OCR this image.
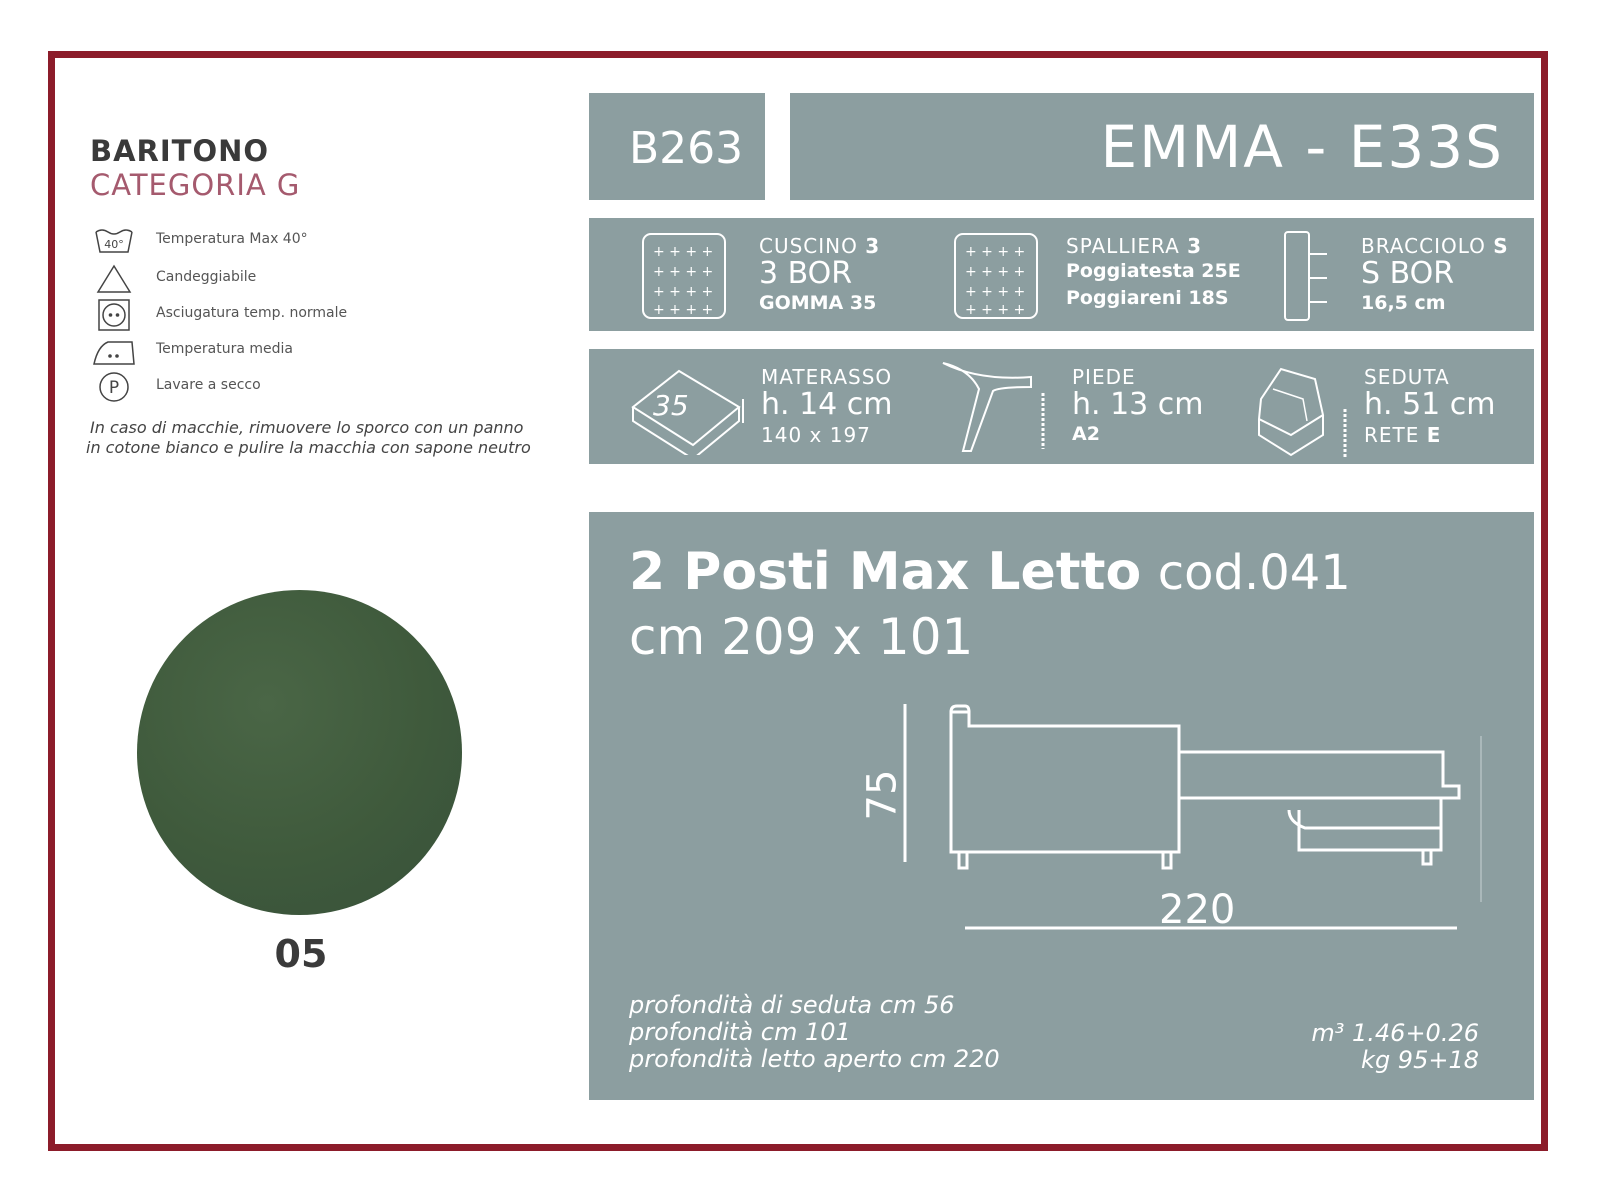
BARITONO
CATEGORIA G
40° Temperatura Max 40°
Candeggiabile
Asciugatura temp. normale
Temperatura media
P	Lavare a secco
In caso di macchie, rimuovere lo sporco con un panno
in cotone bianco e pulire la macchia con sapone neutro
05
B263	EMMA - E33S
+ + + +
+ + + +
+ + + +
+ + + +
CUSCINO 3
3 BOR
GOMMA 35
+ + + +
+ + + +
+ + + +
+ + + +
SPALLIERA 3
Poggiatesta 25E
Poggiareni 18S
BRACCIOLO S
S BOR
16,5 cm
35
MATERASSO
h. 14 cm
140 x 197
PIEDE
h. 13 cm
A2
SEDUTA
h. 51 cm
RETE E
2 Posti Max Letto cod.041
cm 209 x 101
75
220
profondità di seduta cm 56
profondità cm 101
profondità letto aperto cm 220
m³ 1.46+0.26
kg 95+18
